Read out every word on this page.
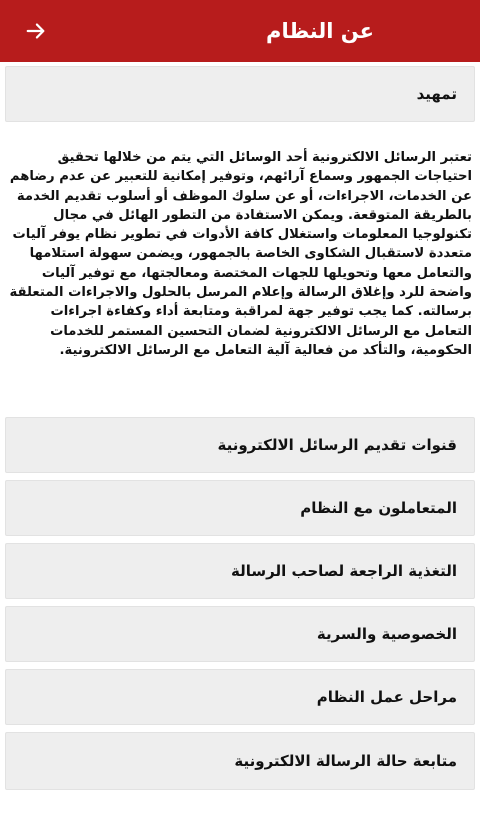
عن النظام
تمهيد

تعتبر الرسائل الالكترونية أحد الوسائل التي يتم من خلالها تحقيق احتياجات الجمهور وسماع آرائهم، وتوفير إمكانية للتعبير عن عدم رضاهم عن الخدمات، الاجراءات، أو عن سلوك الموظف أو أسلوب تقديم الخدمة بالطريقة المتوقعة. ويمكن الاستفادة من التطور الهائل في مجال تكنولوجيا المعلومات واستغلال كافة الأدوات في تطوير نظام يوفر آليات متعددة لاستقبال الشكاوى الخاصة بالجمهور، ويضمن سهولة استلامها والتعامل معها وتحويلها للجهات المختصة ومعالجتها، مع توفير آليات واضحة للرد وإغلاق الرسالة وإعلام المرسل بالحلول والاجراءات المتعلقة برسالته. كما يجب توفير جهة لمراقبة ومتابعة أداء وكفاءة اجراءات التعامل مع الرسائل الالكترونية لضمان التحسين المستمر للخدمات الحكومية، والتأكد من فعالية آلية التعامل مع الرسائل الالكترونية.

قنوات تقديم الرسائل الالكترونية
المتعاملون مع النظام
التغذية الراجعة لصاحب الرسالة
الخصوصية والسرية
مراحل عمل النظام
متابعة حالة الرسالة الالكترونية
